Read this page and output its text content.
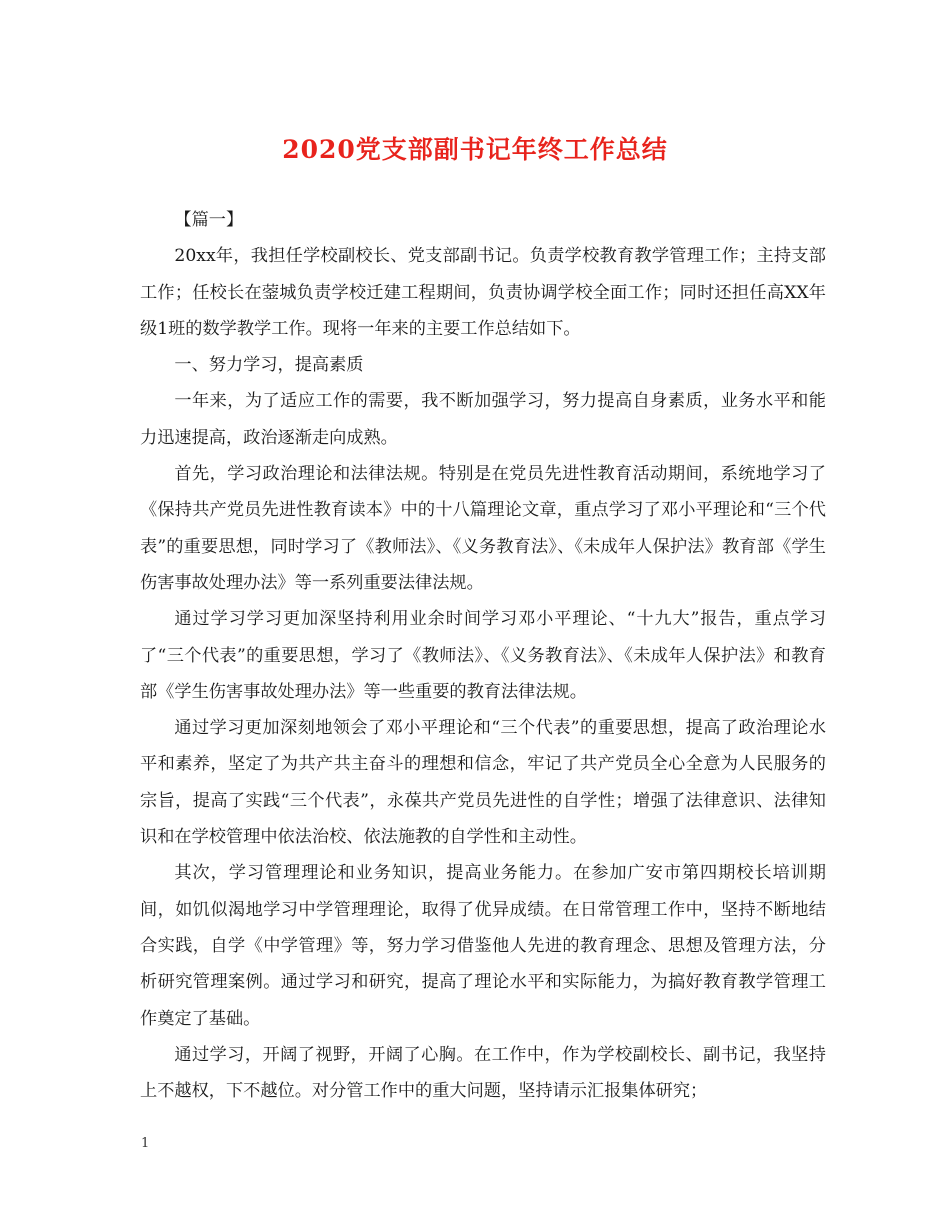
2020党支部副书记年终工作总结

【篇一】

20xx年，我担任学校副校长、党支部副书记。负责学校教育教学管理工作；主持支部工作；任校长在蓥城负责学校迁建工程期间，负责协调学校全面工作；同时还担任高XX年级1班的数学教学工作。现将一年来的主要工作总结如下。

一、努力学习，提高素质

一年来，为了适应工作的需要，我不断加强学习，努力提高自身素质，业务水平和能力迅速提高，政治逐渐走向成熟。

首先，学习政治理论和法律法规。特别是在党员先进性教育活动期间，系统地学习了《保持共产党员先进性教育读本》中的十八篇理论文章，重点学习了邓小平理论和“三个代表”的重要思想，同时学习了《教师法》、《义务教育法》、《未成年人保护法》教育部《学生伤害事故处理办法》等一系列重要法律法规。

通过学习学习更加深坚持利用业余时间学习邓小平理论、“十九大”报告，重点学习了“三个代表”的重要思想，学习了《教师法》、《义务教育法》、《未成年人保护法》和教育部《学生伤害事故处理办法》等一些重要的教育法律法规。

通过学习更加深刻地领会了邓小平理论和“三个代表”的重要思想，提高了政治理论水平和素养，坚定了为共产共主奋斗的理想和信念，牢记了共产党员全心全意为人民服务的宗旨，提高了实践“三个代表”，永葆共产党员先进性的自学性；增强了法律意识、法律知识和在学校管理中依法治校、依法施教的自学性和主动性。

其次，学习管理理论和业务知识，提高业务能力。在参加广安市第四期校长培训期间，如饥似渴地学习中学管理理论，取得了优异成绩。在日常管理工作中，坚持不断地结合实践，自学《中学管理》等，努力学习借鉴他人先进的教育理念、思想及管理方法，分析研究管理案例。通过学习和研究，提高了理论水平和实际能力，为搞好教育教学管理工作奠定了基础。

通过学习，开阔了视野，开阔了心胸。在工作中，作为学校副校长、副书记，我坚持上不越权，下不越位。对分管工作中的重大问题，坚持请示汇报集体研究；

1
